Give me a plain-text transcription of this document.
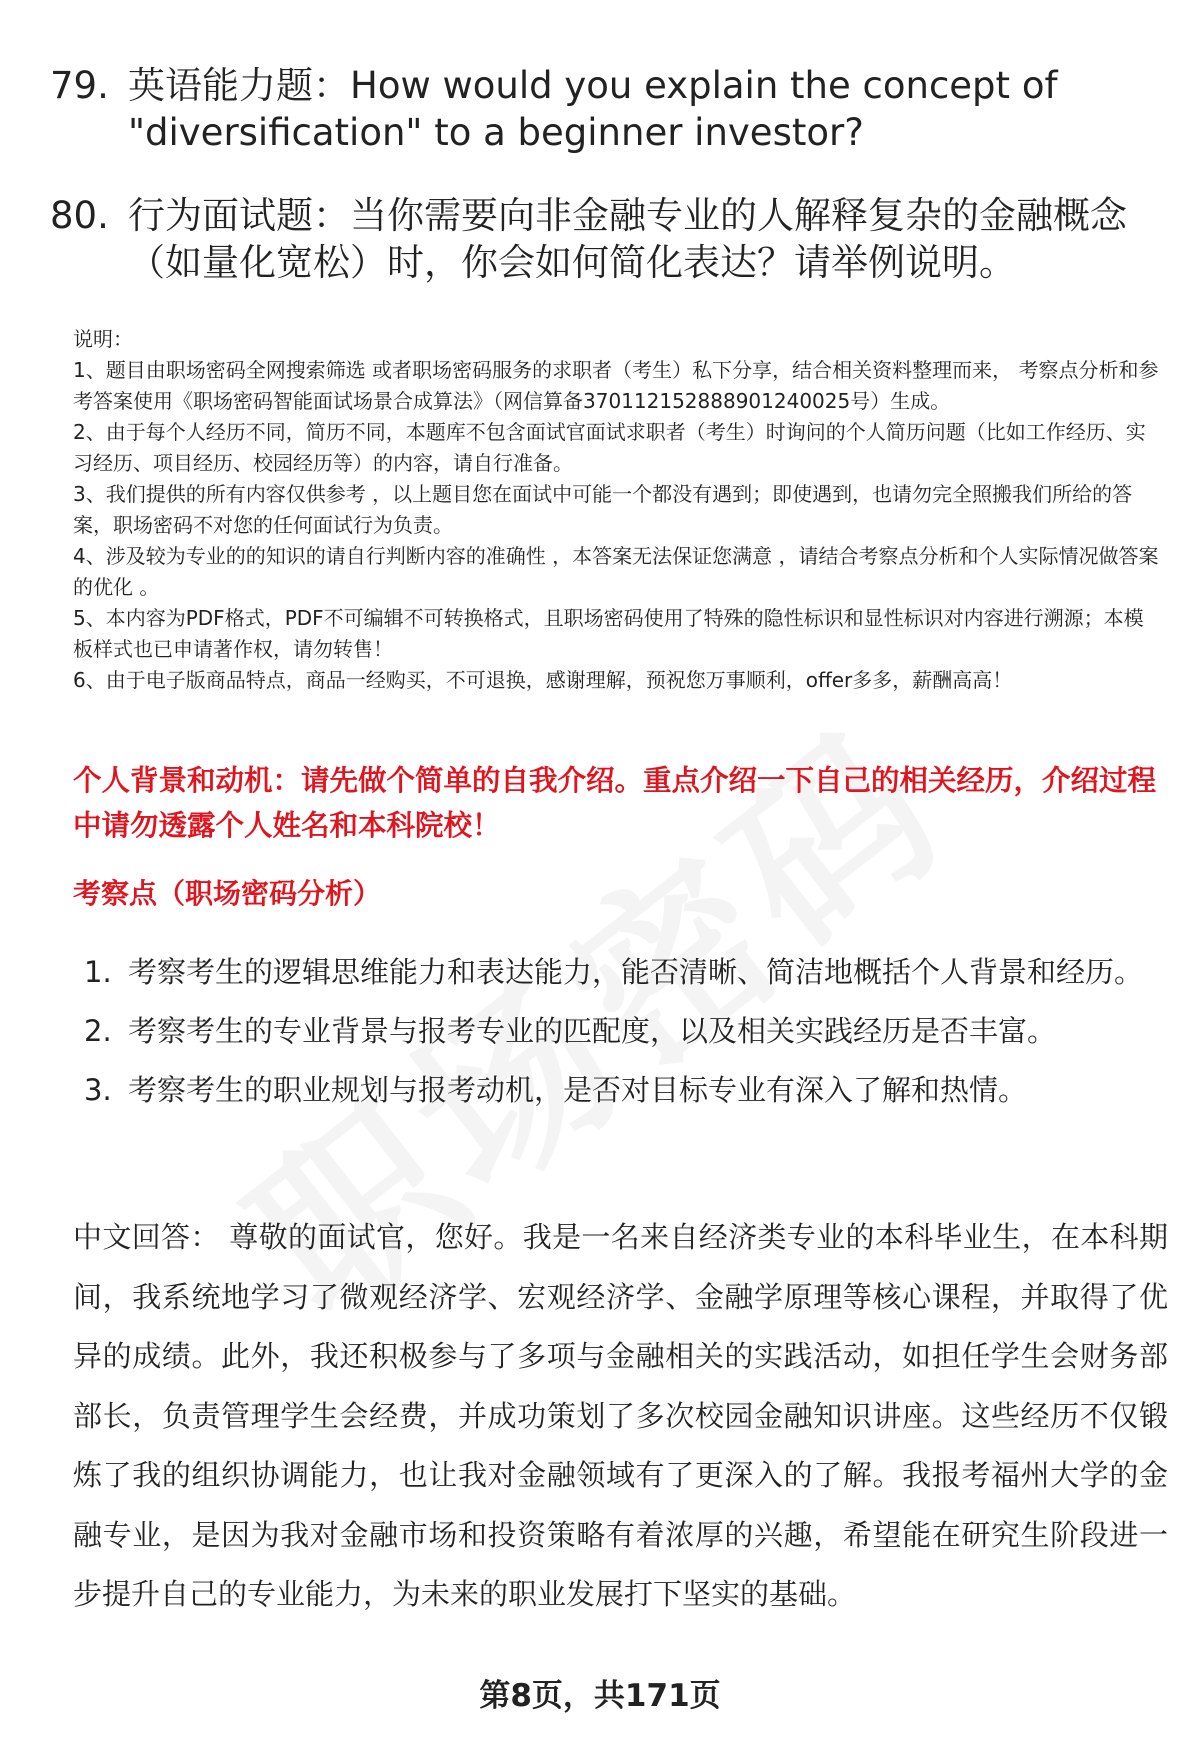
79. 英语能力题：How would you explain the concept of "diversification" to a beginner investor?
80. 行为面试题：当你需要向非金融专业的人解释复杂的金融概念（如量化宽松）时，你会如何简化表达？请举例说明。

说明：

1、题目由职场密码全网搜索筛选 或者职场密码服务的求职者（考生）私下分享，结合相关资料整理而来， 考察点分析和参考答案使用《职场密码智能面试场景合成算法》（网信算备370112152888901240025号）生成。

2、由于每个人经历不同，简历不同，本题库不包含面试官面试求职者（考生）时询问的个人简历问题（比如工作经历、实习经历、项目经历、校园经历等）的内容，请自行准备。

3、我们提供的所有内容仅供参考 ，以上题目您在面试中可能一个都没有遇到；即使遇到，也请勿完全照搬我们所给的答案，职场密码不对您的任何面试行为负责。

4、涉及较为专业的的知识的请自行判断内容的准确性 ，本答案无法保证您满意 ，请结合考察点分析和个人实际情况做答案的优化 。

5、本内容为PDF格式，PDF不可编辑不可转换格式，且职场密码使用了特殊的隐性标识和显性标识对内容进行溯源；本模板样式也已申请著作权，请勿转售！

6、由于电子版商品特点，商品一经购买，不可退换，感谢理解，预祝您万事顺利，offer多多，薪酬高高！

个人背景和动机：请先做个简单的自我介绍。重点介绍一下自己的相关经历，介绍过程中请勿透露个人姓名和本科院校！
考察点（职场密码分析）
1. 考察考生的逻辑思维能力和表达能力，能否清晰、简洁地概括个人背景和经历。
2. 考察考生的专业背景与报考专业的匹配度，以及相关实践经历是否丰富。
3. 考察考生的职业规划与报考动机，是否对目标专业有深入了解和热情。
中文回答： 尊敬的面试官，您好。我是一名来自经济类专业的本科毕业生，在本科期间，我系统地学习了微观经济学、宏观经济学、金融学原理等核心课程，并取得了优异的成绩。此外，我还积极参与了多项与金融相关的实践活动，如担任学生会财务部部长，负责管理学生会经费，并成功策划了多次校园金融知识讲座。这些经历不仅锻炼了我的组织协调能力，也让我对金融领域有了更深入的了解。我报考福州大学的金融专业，是因为我对金融市场和投资策略有着浓厚的兴趣，希望能在研究生阶段进一步提升自己的专业能力，为未来的职业发展打下坚实的基础。
第8页，共171页
